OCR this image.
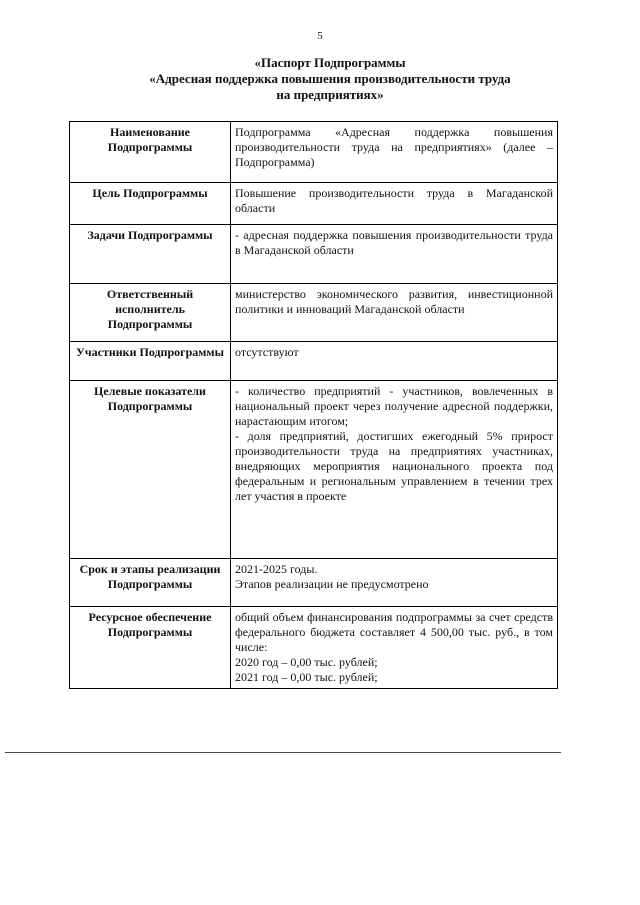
5
«Паспорт Подпрограммы
«Адресная поддержка повышения производительности труда
на предприятиях»
Наименование Подпрограммы	Подпрограмма «Адресная поддержка повышения производительности труда на предприятиях» (далее – Подпрограмма)

Цель Подпрограммы	Повышение производительности труда в Магаданской области

Задачи Подпрограммы	- адресная поддержка повышения производительности труда в Магаданской области

Ответственный исполнитель Подпрограммы	министерство экономического развития, инвестиционной политики и инноваций Магаданской области

Участники Подпрограммы	отсутствуют

Целевые показатели Подпрограммы	- количество предприятий - участников, вовлеченных в национальный проект через получение адресной поддержки, нарастающим итогом;
- доля предприятий, достигших ежегодный 5% прирост производительности труда на предприятиях участниках, внедряющих мероприятия национального проекта под федеральным и региональным управлением в течении трех лет участия в проекте

Срок и этапы реализации Подпрограммы	2021-2025 годы.
Этапов реализации не предусмотрено

Ресурсное обеспечение Подпрограммы	общий объем финансирования подпрограммы за счет средств федерального бюджета составляет 4 500,00 тыс. руб., в том числе:
2020 год – 0,00 тыс. рублей;
2021 год – 0,00 тыс. рублей;
